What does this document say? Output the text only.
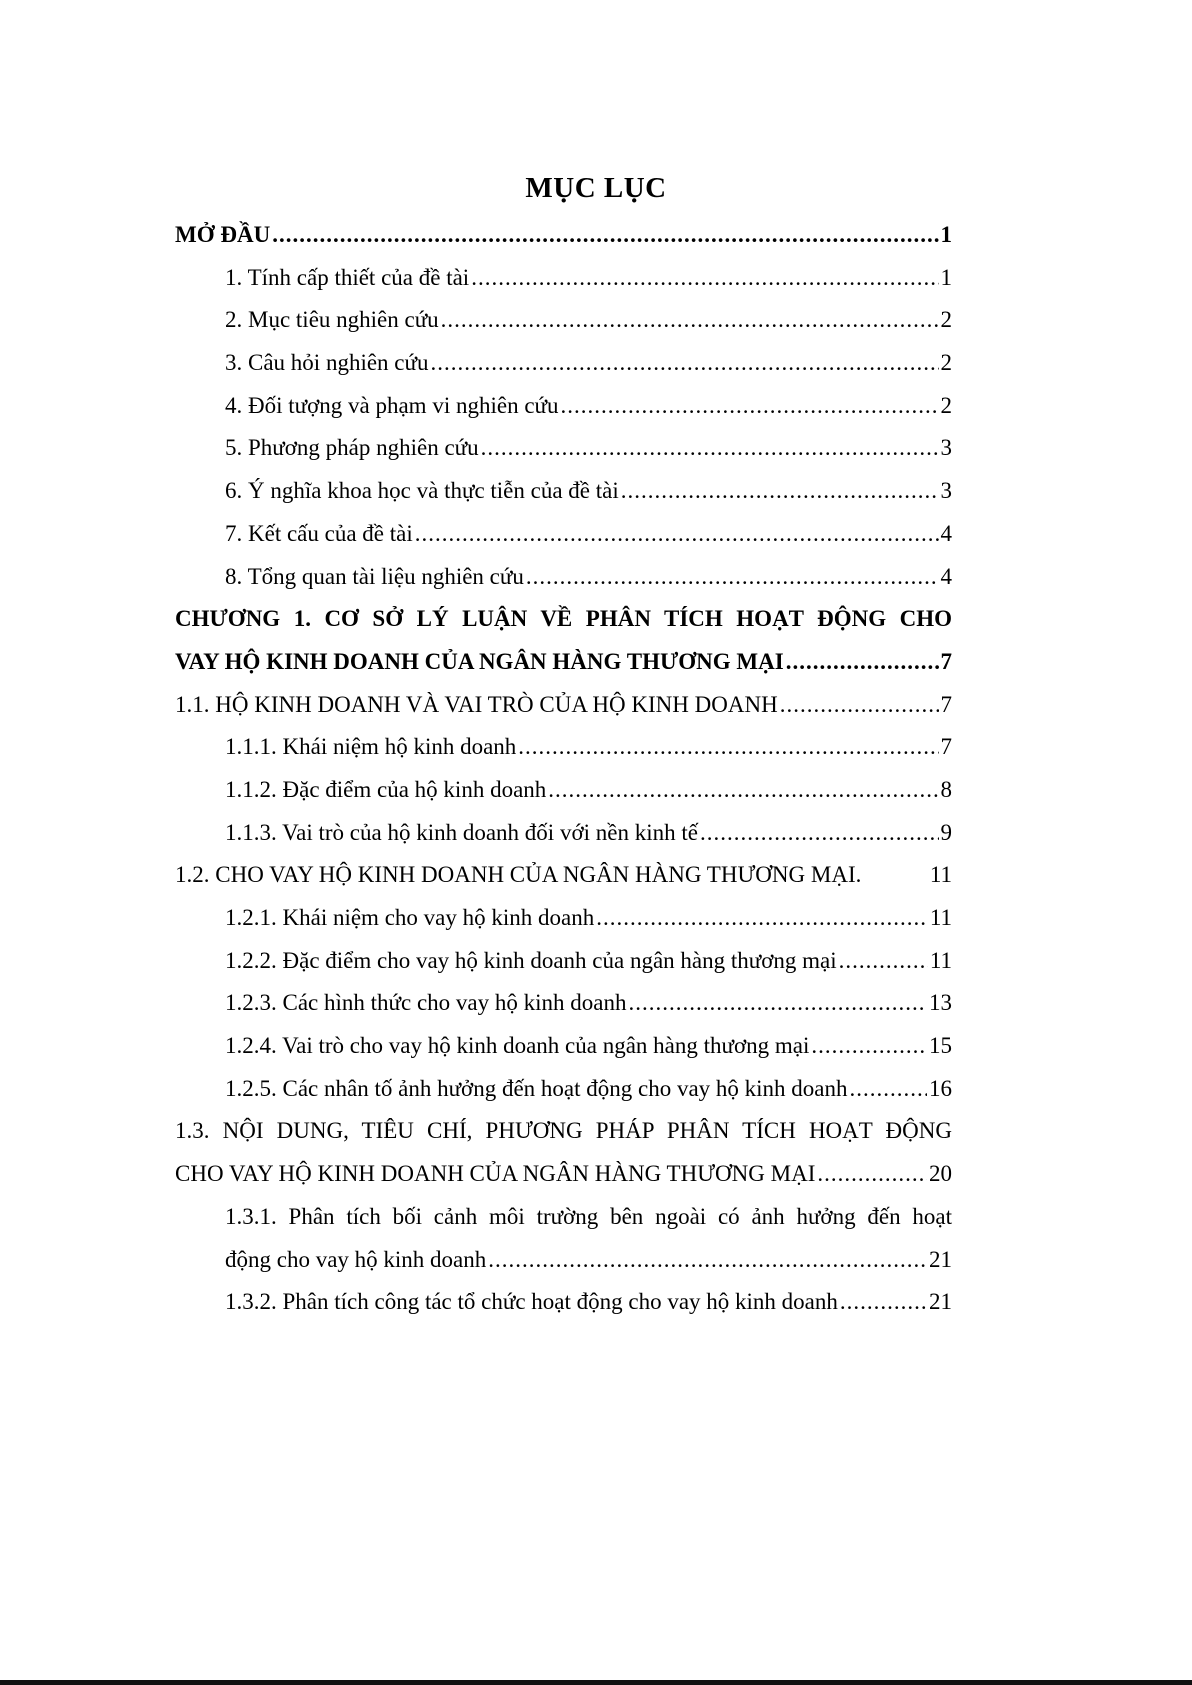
MỤC LỤC
MỞ ĐẦU .....	1
1. Tính cấp thiết của đề tài .....	1
2. Mục tiêu nghiên cứu .....	2
3. Câu hỏi nghiên cứu .....	2
4. Đối tượng và phạm vi nghiên cứu .....	2
5. Phương pháp nghiên cứu .....	3
6. Ý nghĩa khoa học và thực tiễn của đề tài .....	3
7. Kết cấu của đề tài .....	4
8. Tổng quan tài liệu nghiên cứu .....	4
CHƯƠNG 1. CƠ SỞ LÝ LUẬN VỀ PHÂN TÍCH HOẠT ĐỘNG CHO
VAY HỘ KINH DOANH CỦA NGÂN HÀNG THƯƠNG MẠI .....	7
1.1. HỘ KINH DOANH VÀ VAI TRÒ CỦA HỘ KINH DOANH .....	7
1.1.1. Khái niệm hộ kinh doanh .....	7
1.1.2. Đặc điểm của hộ kinh doanh .....	8
1.1.3. Vai trò của hộ kinh doanh đối với nền kinh tế .....	9
1.2. CHO VAY HỘ KINH DOANH CỦA NGÂN HÀNG THƯƠNG MẠI.	11
1.2.1. Khái niệm cho vay hộ kinh doanh .....	11
1.2.2. Đặc điểm cho vay hộ kinh doanh của ngân hàng thương mại .....	11
1.2.3. Các hình thức cho vay hộ kinh doanh .....	13
1.2.4. Vai trò cho vay hộ kinh doanh của ngân hàng thương mại .....	15
1.2.5. Các nhân tố ảnh hưởng đến hoạt động cho vay hộ kinh doanh .....	16
1.3. NỘI DUNG, TIÊU CHÍ, PHƯƠNG PHÁP PHÂN TÍCH HOẠT ĐỘNG
CHO VAY HỘ KINH DOANH CỦA NGÂN HÀNG THƯƠNG MẠI .....	20
1.3.1. Phân tích bối cảnh môi trường bên ngoài có ảnh hưởng đến hoạt
động cho vay hộ kinh doanh .....	21
1.3.2. Phân tích công tác tổ chức hoạt động cho vay hộ kinh doanh .....	21
